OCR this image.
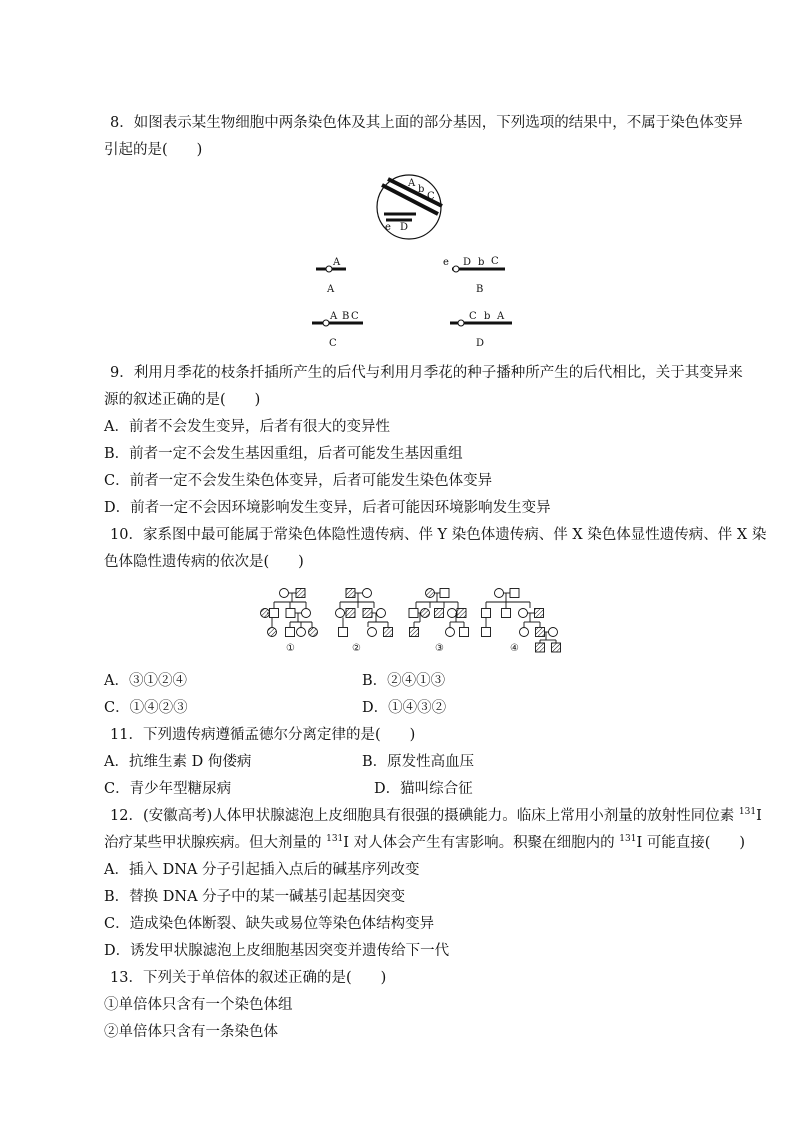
8．如图表示某生物细胞中两条染色体及其上面的部分基因，下列选项的结果中，不属于染色体变异
引起的是(　　)
A
b
C
e D
A
A
e D b C
B
A B C
C
C b A
D
9．利用月季花的枝条扦插所产生的后代与利用月季花的种子播种所产生的后代相比，关于其变异来
源的叙述正确的是(　　)
A．前者不会发生变异，后者有很大的变异性
B．前者一定不会发生基因重组，后者可能发生基因重组
C．前者一定不会发生染色体变异，后者可能发生染色体变异
D．前者一定不会因环境影响发生变异，后者可能因环境影响发生变异
10．家系图中最可能属于常染色体隐性遗传病、伴 Y 染色体遗传病、伴 X 染色体显性遗传病、伴 X 染
色体隐性遗传病的依次是(　　)
①	②	③	④
A．③①②④	B．②④①③
C．①④②③	D．①④③②
11．下列遗传病遵循孟德尔分离定律的是(　　)
A．抗维生素 D 佝偻病	B．原发性高血压
C．青少年型糖尿病	D．猫叫综合征
12．(安徽高考)人体甲状腺滤泡上皮细胞具有很强的摄碘能力。临床上常用小剂量的放射性同位素 $^{131}$I
治疗某些甲状腺疾病。但大剂量的 $^{131}$I 对人体会产生有害影响。积聚在细胞内的 $^{131}$I 可能直接(　　)
A．插入 DNA 分子引起插入点后的碱基序列改变
B．替换 DNA 分子中的某一碱基引起基因突变
C．造成染色体断裂、缺失或易位等染色体结构变异
D．诱发甲状腺滤泡上皮细胞基因突变并遗传给下一代
13．下列关于单倍体的叙述正确的是(　　)
①单倍体只含有一个染色体组
②单倍体只含有一条染色体
